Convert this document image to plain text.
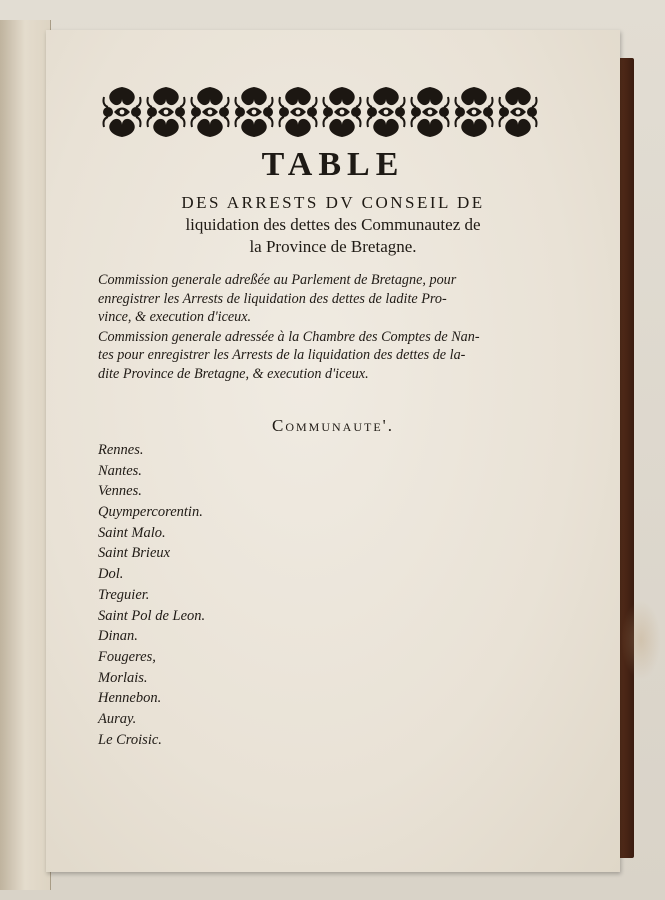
TABLE
DES ARRESTS DV CONSEIL DE
liquidation des dettes des Communautez de
la Province de Bretagne.

Commission generale adreßée au Parlement de Bretagne, pour
enregistrer les Arrests de liquidation des dettes de ladite Pro-
vince, & execution d'iceux.

Commission generale adressée à la Chambre des Comptes de Nan-
tes pour enregistrer les Arrests de la liquidation des dettes de la-
dite Province de Bretagne, & execution d'iceux.

Communaute'.
Rennes.
Nantes.
Vennes.
Quympercorentin.
Saint Malo.
Saint Brieux
Dol.
Treguier.
Saint Pol de Leon.
Dinan.
Fougeres,
Morlais.
Hennebon.
Auray.
Le Croisic.
